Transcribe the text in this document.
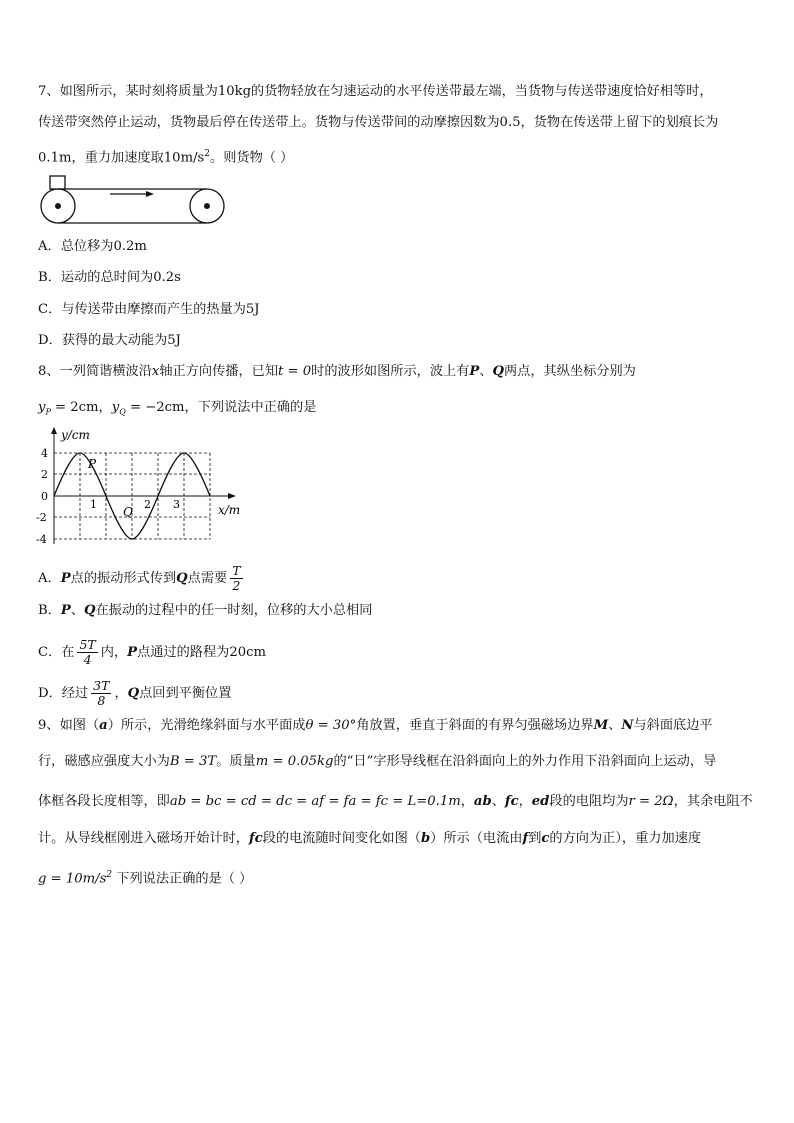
7、如图所示，某时刻将质量为10kg的货物轻放在匀速运动的水平传送带最左端，当货物与传送带速度恰好相等时，
传送带突然停止运动，货物最后停在传送带上。货物与传送带间的动摩擦因数为0.5，货物在传送带上留下的划痕长为
0.1m，重力加速度取$10m/s^2$。则货物（ ）
A．总位移为0.2m
B．运动的总时间为0.2s
C．与传送带由摩擦而产生的热量为5J
D．获得的最大动能为5J
8、一列简谐横波沿x轴正方向传播，已知t = 0时的波形如图所示，波上有P、Q两点，其纵坐标分别为
$y_P = 2cm$，$y_Q = -2cm$，下列说法中正确的是
y/cm
x/m
4
2
0
-2
-4
1	2 3
P
Q
A．P点的振动形式传到Q点需要 $\frac{T}{2}$
B．P、Q在振动的过程中的任一时刻，位移的大小总相同
C．在 $\frac{5T}{4}$ 内，P点通过的路程为20cm
D．经过 $\frac{3T}{8}$ ，Q点回到平衡位置
9、如图（a）所示，光滑绝缘斜面与水平面成θ = 30°角放置，垂直于斜面的有界匀强磁场边界M、N与斜面底边平
行，磁感应强度大小为B = 3T。质量m = 0.05kg的“日”字形导线框在沿斜面向上的外力作用下沿斜面向上运动，导
体框各段长度相等，即ab = bc = cd = dc = af = fa = fc = L=0.1m，ab、fc，ed段的电阻均为r = 2Ω，其余电阻不
计。从导线框刚进入磁场开始计时，fc段的电流随时间变化如图（b）所示（电流由f到c的方向为正），重力加速度
$g = 10m/s^2$ 下列说法正确的是（ ）
